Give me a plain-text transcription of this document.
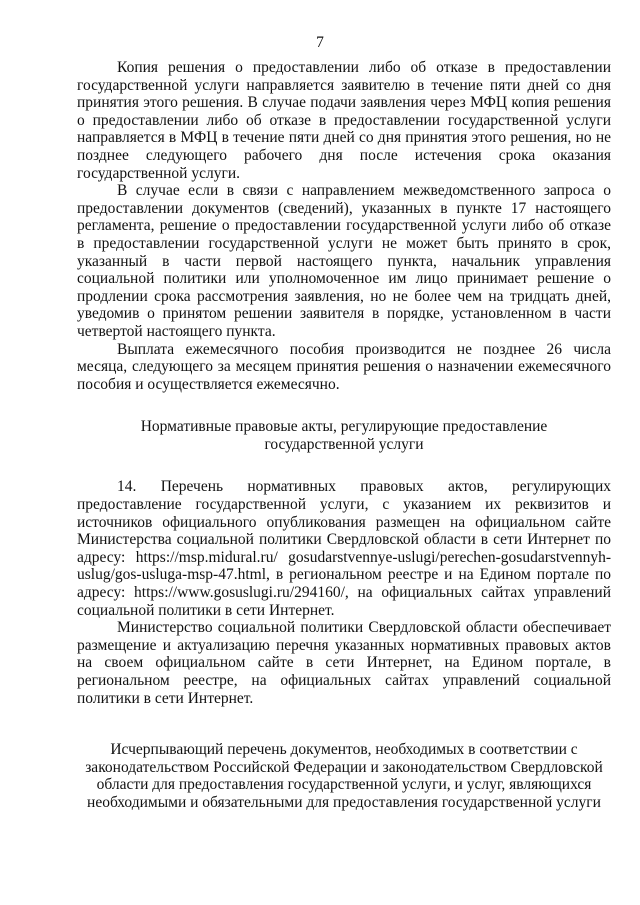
7

Копия решения о предоставлении либо об отказе в предоставлении государственной услуги направляется заявителю в течение пяти дней со дня принятия этого решения. В случае подачи заявления через МФЦ копия решения о предоставлении либо об отказе в предоставлении государственной услуги направляется в МФЦ в течение пяти дней со дня принятия этого решения, но не позднее следующего рабочего дня после истечения срока оказания государственной услуги.

В случае если в связи с направлением межведомственного запроса о предоставлении документов (сведений), указанных в пункте 17 настоящего регламента, решение о предоставлении государственной услуги либо об отказе в предоставлении государственной услуги не может быть принято в срок, указанный в части первой настоящего пункта, начальник управления социальной политики или уполномоченное им лицо принимает решение о продлении срока рассмотрения заявления, но не более чем на тридцать дней, уведомив о принятом решении заявителя в порядке, установленном в части четвертой настоящего пункта.

Выплата ежемесячного пособия производится не позднее 26 числа месяца, следующего за месяцем принятия решения о назначении ежемесячного пособия и осуществляется ежемесячно.

Нормативные правовые акты, регулирующие предоставление

государственной услуги

14. Перечень нормативных правовых актов, регулирующих предоставление государственной услуги, с указанием их реквизитов и источников официального опубликования размещен на официальном сайте Министерства социальной политики Свердловской области в сети Интернет по адресу: https://msp.midural.ru/ gosudarstvennye-uslugi/perechen-gosudarstvennyh-uslug/gos-usluga-msp-47.html, в региональном реестре и на Едином портале по адресу: https://www.gosuslugi.ru/294160/, на официальных сайтах управлений социальной политики в сети Интернет.

Министерство социальной политики Свердловской области обеспечивает размещение и актуализацию перечня указанных нормативных правовых актов на своем официальном сайте в сети Интернет, на Едином портале, в региональном реестре, на официальных сайтах управлений социальной политики в сети Интернет.

Исчерпывающий перечень документов, необходимых в соответствии с законодательством Российской Федерации и законодательством Свердловской области для предоставления государственной услуги, и услуг, являющихся необходимыми и обязательными для предоставления государственной услуги
